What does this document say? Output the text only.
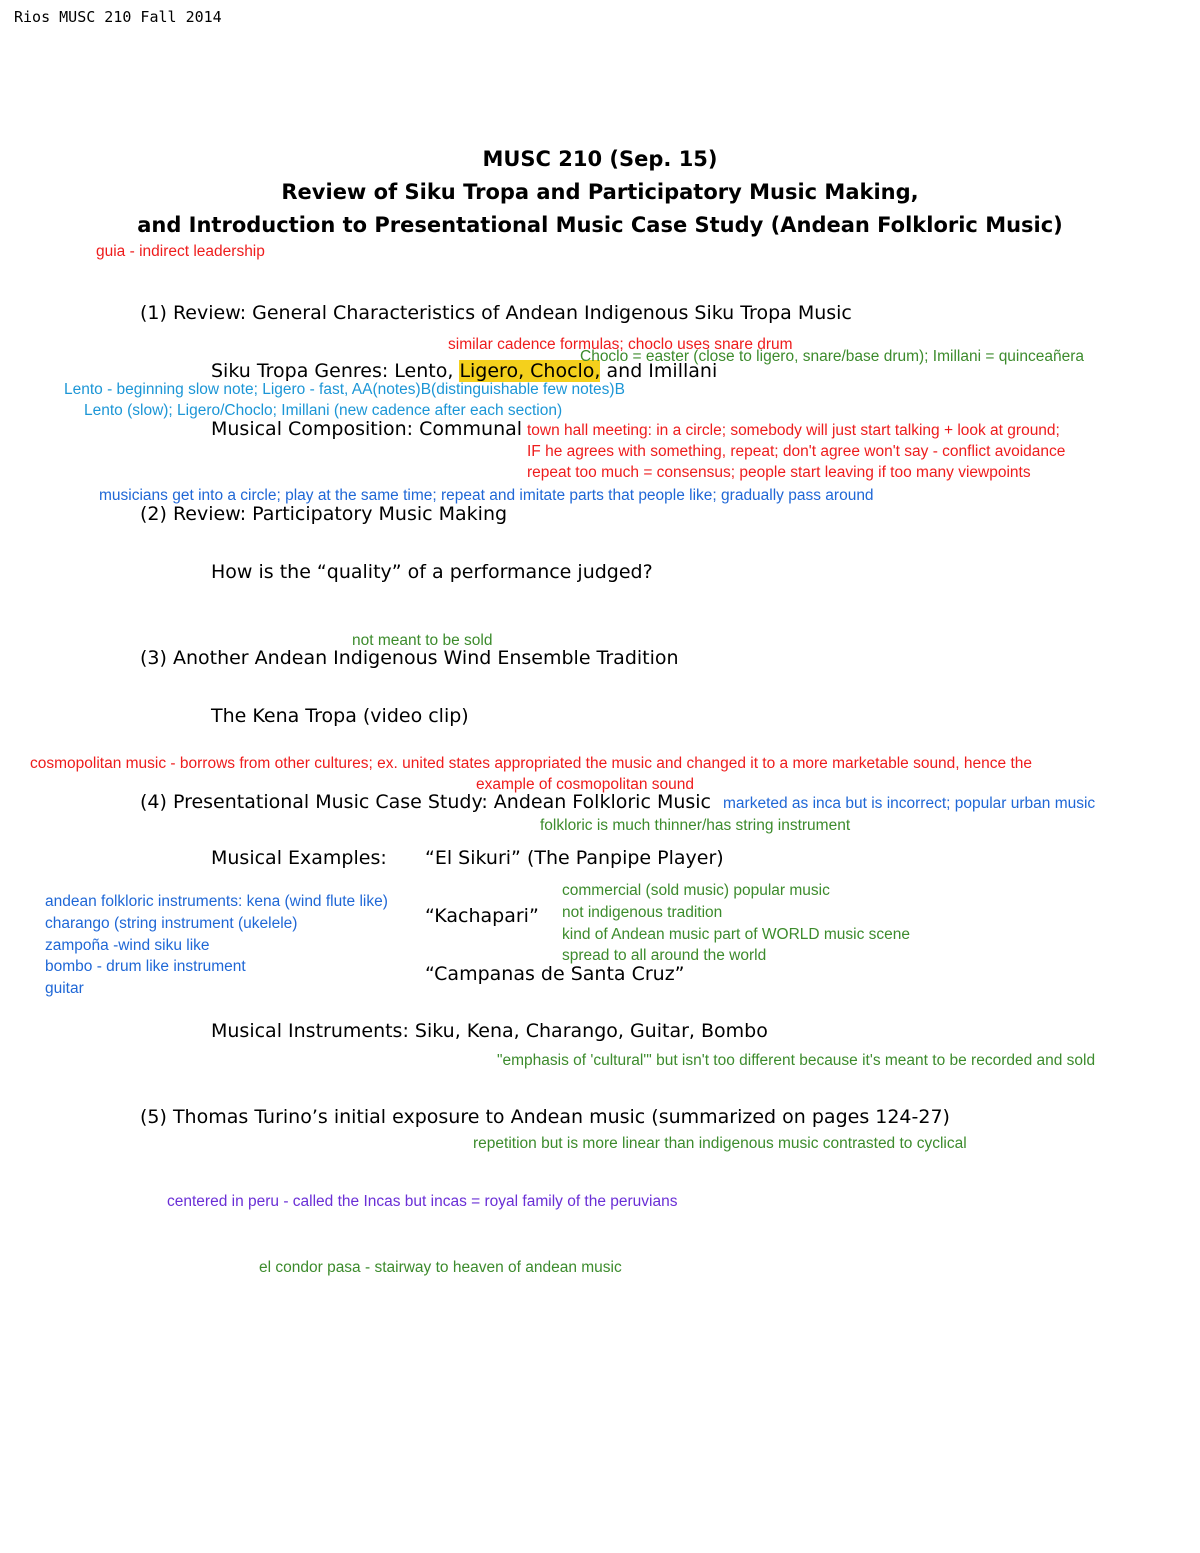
Rios MUSC 210 Fall 2014
MUSC 210 (Sep. 15)
Review of Siku Tropa and Participatory Music Making,
and Introduction to Presentational Music Case Study (Andean Folkloric Music)
guia - indirect leadership
(1) Review: General Characteristics of Andean Indigenous Siku Tropa Music
similar cadence formulas; choclo uses snare drum
Siku Tropa Genres: Lento, Ligero, Choclo, and Imillani
Choclo = easter (close to ligero, snare/base drum); Imillani = quinceañera
Lento - beginning slow note; Ligero - fast, AA(notes)B(distinguishable few notes)B
Lento (slow); Ligero/Choclo; Imillani (new cadence after each section)
Musical Composition: Communal town hall meeting: in a circle; somebody will just start talking + look at ground;
IF he agrees with something, repeat; don't agree won't say - conflict avoidance
repeat too much = consensus; people start leaving if too many viewpoints
musicians get into a circle; play at the same time; repeat and imitate parts that people like; gradually pass around
(2) Review: Participatory Music Making
How is the “quality” of a performance judged?
not meant to be sold
(3) Another Andean Indigenous Wind Ensemble Tradition
The Kena Tropa (video clip)
cosmopolitan music - borrows from other cultures; ex. united states appropriated the music and changed it to a more marketable sound, hence the
example of cosmopolitan sound
(4) Presentational Music Case Study: Andean Folkloric Music marketed as inca but is incorrect; popular urban music
folkloric is much thinner/has string instrument
Musical Examples: “El Sikuri” (The Panpipe Player)
commercial (sold music) popular music
not indigenous tradition
kind of Andean music part of WORLD music scene
spread to all around the world
andean folkloric instruments: kena (wind flute like)
charango (string instrument (ukelele)
zampoña -wind siku like
bombo - drum like instrument
guitar
“Kachapari”
“Campanas de Santa Cruz”
Musical Instruments: Siku, Kena, Charango, Guitar, Bombo
"emphasis of 'cultural'" but isn't too different because it's meant to be recorded and sold
(5) Thomas Turino’s initial exposure to Andean music (summarized on pages 124-27)
repetition but is more linear than indigenous music contrasted to cyclical
centered in peru - called the Incas but incas = royal family of the peruvians
el condor pasa - stairway to heaven of andean music
